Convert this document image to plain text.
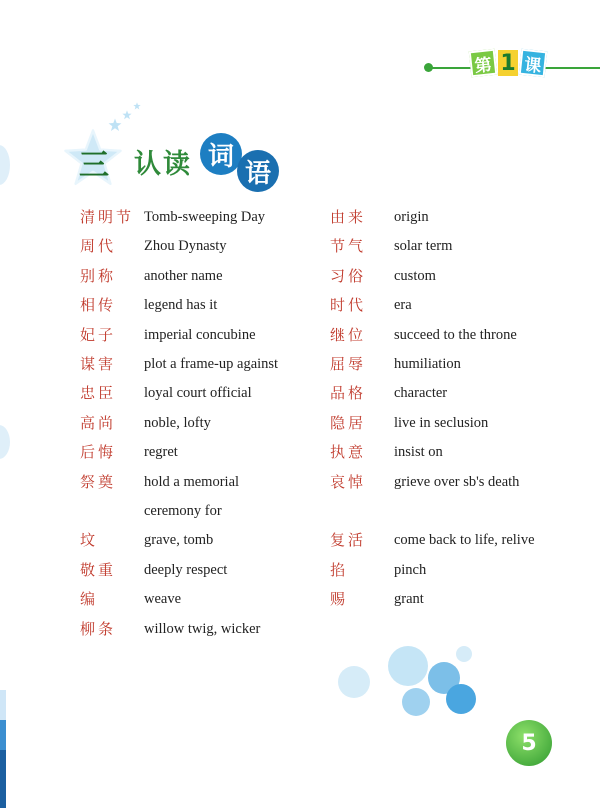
第 1 课
三 认读 词
语
清明节 Tomb-sweeping Day
周代	Zhou Dynasty
别称	another name
相传	legend has it
妃子	imperial concubine
谋害	plot a frame-up against
忠臣	loyal court official
高尚	noble, lofty
后悔	regret
祭奠	hold a memorial ceremony for
坟	grave, tomb
敬重	deeply respect
编	weave
柳条	willow twig, wicker
由来	origin
节气	solar term
习俗	custom
时代	era
继位	succeed to the throne
屈辱	humiliation
品格	character
隐居	live in seclusion
执意	insist on
哀悼	grieve over sb's death

复活	come back to life, relive
掐	pinch
赐	grant
5
